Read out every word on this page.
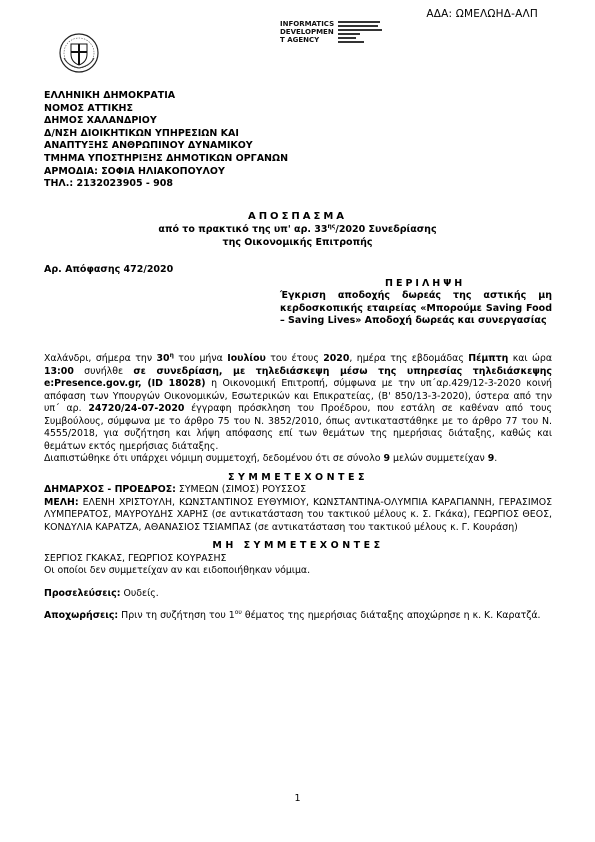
ΑΔΑ: ΩΜΕΛΩΗΔ-ΑΛΠ
INFORMATICS
DEVELOPMEN
T AGENCY
ΕΛΛΗΝΙΚΗ ΔΗΜΟΚΡΑΤΙΑ
ΝΟΜΟΣ ΑΤΤΙΚΗΣ
ΔΗΜΟΣ ΧΑΛΑΝΔΡΙΟΥ
Δ/ΝΣΗ ΔΙΟΙΚΗΤΙΚΩΝ ΥΠΗΡΕΣΙΩΝ ΚΑΙ
ΑΝΑΠΤΥΞΗΣ ΑΝΘΡΩΠΙΝΟΥ ΔΥΝΑΜΙΚΟΥ
ΤΜΗΜΑ ΥΠΟΣΤΗΡΙΞΗΣ ΔΗΜΟΤΙΚΩΝ ΟΡΓΑΝΩΝ
ΑΡΜΟΔΙΑ: ΣΟΦΙΑ ΗΛΙΑΚΟΠΟΥΛΟΥ
ΤΗΛ.: 2132023905 - 908
ΑΠΟΣΠΑΣΜΑ
από το πρακτικό της υπ' αρ. $33^{\eta\varsigma}/2020$ Συνεδρίασης
της Οικονομικής Επιτροπής
Αρ. Απόφασης 472/2020
ΠΕΡΙΛΗΨΗ
Έγκριση αποδοχής δωρεάς της αστικής μη κερδοσκοπικής εταιρείας «Μπορούμε Saving Food – Saving Lives» Αποδοχή δωρεάς και συνεργασίας

Χαλάνδρι, σήμερα την $30^\eta$ του μήνα Ιουλίου του έτους 2020, ημέρα της εβδομάδας Πέμπτη και ώρα 13:00 συνήλθε σε συνεδρίαση, με τηλεδιάσκεψη μέσω της υπηρεσίας τηλεδιάσκεψης e:Presence.gov.gr, (ID 18028) η Οικονομική Επιτροπή, σύμφωνα με την υπ΄αρ.429/12-3-2020 κοινή απόφαση των Υπουργών Οικονομικών, Εσωτερικών και Επικρατείας, (Β' 850/13-3-2020), ύστερα από την υπ΄ αρ. 24720/24-07-2020 έγγραφη πρόσκληση του Προέδρου, που εστάλη σε καθέναν από τους Συμβούλους, σύμφωνα με το άρθρο 75 του Ν. 3852/2010, όπως αντικαταστάθηκε με το άρθρο 77 του Ν. 4555/2018, για συζήτηση και λήψη απόφασης επί των θεμάτων της ημερήσιας διάταξης, καθώς και θεμάτων εκτός ημερήσιας διάταξης.

Διαπιστώθηκε ότι υπάρχει νόμιμη συμμετοχή, δεδομένου ότι σε σύνολο 9 μελών συμμετείχαν 9.

ΣΥΜΜΕΤΕΧΟΝΤΕΣ

ΔΗΜΑΡΧΟΣ - ΠΡΟΕΔΡΟΣ: ΣΥΜΕΩΝ (ΣΙΜΟΣ) ΡΟΥΣΣΟΣ

ΜΕΛΗ: ΕΛΕΝΗ ΧΡΙΣΤΟΥΛΗ, ΚΩΝΣΤΑΝΤΙΝΟΣ ΕΥΘΥΜΙΟΥ, ΚΩΝΣΤΑΝΤΙΝΑ-ΟΛΥΜΠΙΑ ΚΑΡΑΓΙΑΝΝΗ, ΓΕΡΑΣΙΜΟΣ ΛΥΜΠΕΡΑΤΟΣ, ΜΑΥΡΟΥΔΗΣ ΧΑΡΗΣ (σε αντικατάσταση του τακτικού μέλους κ. Σ. Γκάκα), ΓΕΩΡΓΙΟΣ ΘΕΟΣ, ΚΟΝΔΥΛΙΑ ΚΑΡΑΤΖΑ, ΑΘΑΝΑΣΙΟΣ ΤΣΙΑΜΠΑΣ (σε αντικατάσταση του τακτικού μέλους κ. Γ. Κουράση)

ΜΗ ΣΥΜΜΕΤΕΧΟΝΤΕΣ

ΣΕΡΓΙΟΣ ΓΚΑΚΑΣ, ΓΕΩΡΓΙΟΣ ΚΟΥΡΑΣΗΣ

Οι οποίοι δεν συμμετείχαν αν και ειδοποιήθηκαν νόμιμα.

Προσελεύσεις: Ουδείς.

Αποχωρήσεις: Πριν τη συζήτηση του $1^{o\upsilon}$ θέματος της ημερήσιας διάταξης αποχώρησε η κ. Κ. Καρατζά.

1
